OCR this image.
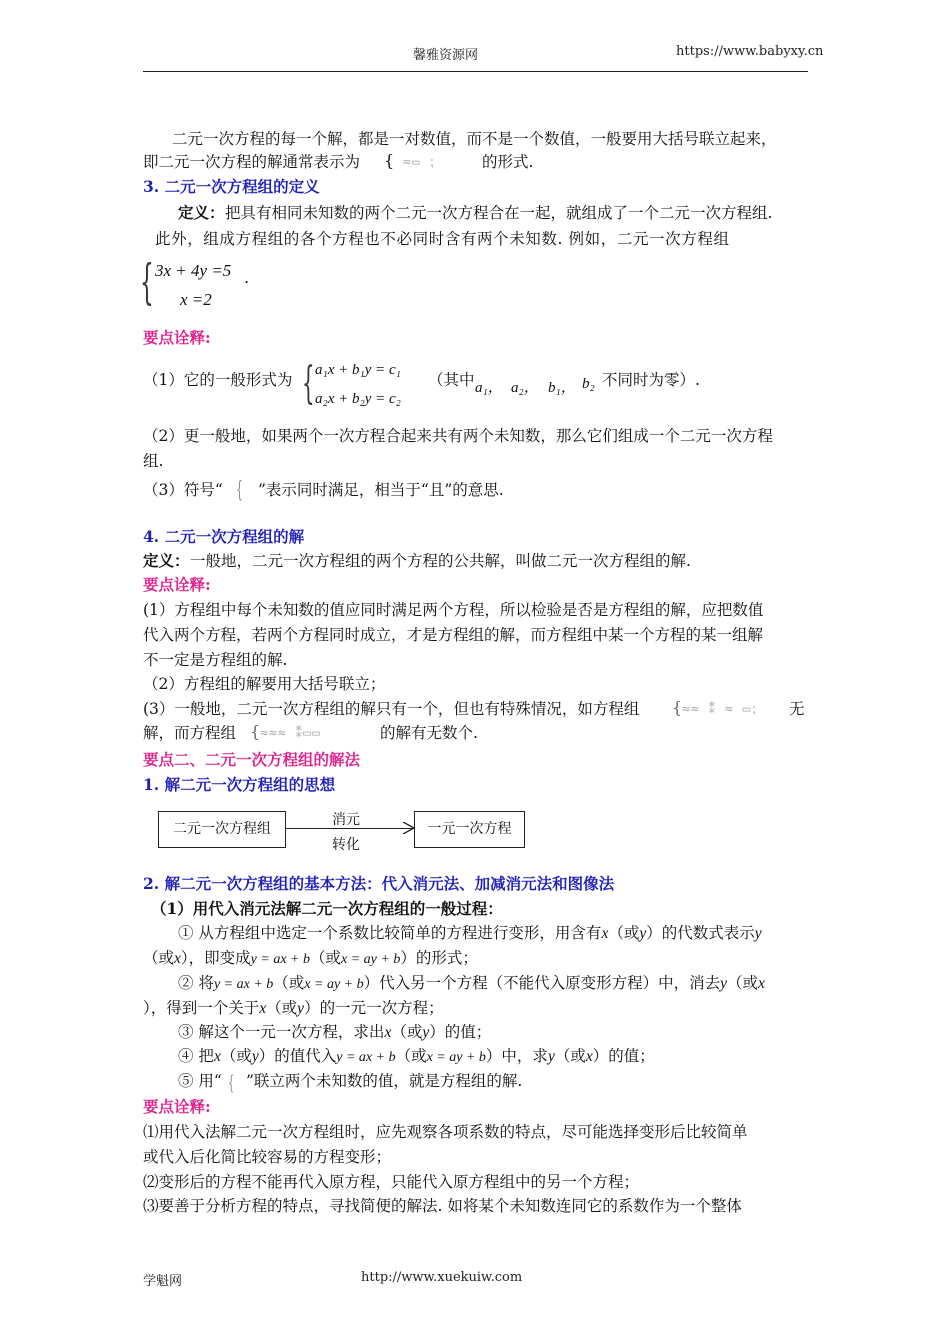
馨雅资源网	https://www.babyxy.cn
二元一次方程的每一个解，都是一对数值，而不是一个数值，一般要用大括号联立起来，
即二元一次方程的解通常表示为 { ≈▭ ⁏	的形式.
3. 二元一次方程组的定义
定义： 把具有相同未知数的两个二元一次方程合在一起，就组成了一个二元一次方程组.
此外，组成方程组的各个方程也不必同时含有两个未知数. 例如，二元一次方程组
{ 3x + 4y =5
x =2
.
要点诠释:
（1）它的一般形式为 { a₁x + b₁y = c₁
a₂x + b₂y = c₂
（其中 a₁， a₂， b₁， b₂ 不同时为零）.
（2）更一般地，如果两个一次方程合起来共有两个未知数，那么它们组成一个二元一次方程
组.
（3）符号“ { ”表示同时满足，相当于“且”的意思.
4. 二元一次方程组的解
定义： 一般地，二元一次方程组的两个方程的公共解，叫做二元一次方程组的解.
要点诠释:
(1）方程组中每个未知数的值应同时满足两个方程，所以检验是否是方程组的解，应把数值
代入两个方程，若两个方程同时成立，才是方程组的解，而方程组中某一个方程的某一组解
不一定是方程组的解.
（2）方程组的解要用大括号联立；
(3）一般地，二元一次方程组的解只有一个，但也有特殊情况，如方程组 {≈≈ ⁑ ≈ ▭⁏ 无
解，而方程组 {≈≈≈ ⁑▭▭	的解有无数个.
要点二、二元一次方程组的解法
1. 解二元一次方程组的思想
二元一次方程组
消元
转化
一元一次方程
2. 解二元一次方程组的基本方法：代入消元法、加减消元法和图像法
（1）用代入消元法解二元一次方程组的一般过程：
① 从方程组中选定一个系数比较简单的方程进行变形，用含有x（或y）的代数式表示y
（或x），即变成y = ax + b（或x = ay + b）的形式；
② 将y = ax + b（或x = ay + b）代入另一个方程（不能代入原变形方程）中，消去y（或x
），得到一个关于x（或y）的一元一次方程；
③ 解这个一元一次方程，求出x（或y）的值；
④ 把x（或y）的值代入y = ax + b（或x = ay + b）中，求y（或x）的值；
⑤ 用“ { ”联立两个未知数的值，就是方程组的解.
要点诠释:
⑴用代入法解二元一次方程组时，应先观察各项系数的特点，尽可能选择变形后比较简单
或代入后化简比较容易的方程变形；
⑵变形后的方程不能再代入原方程，只能代入原方程组中的另一个方程；
⑶要善于分析方程的特点，寻找简便的解法. 如将某个未知数连同它的系数作为一个整体
学魁网	http://www.xuekuiw.com
